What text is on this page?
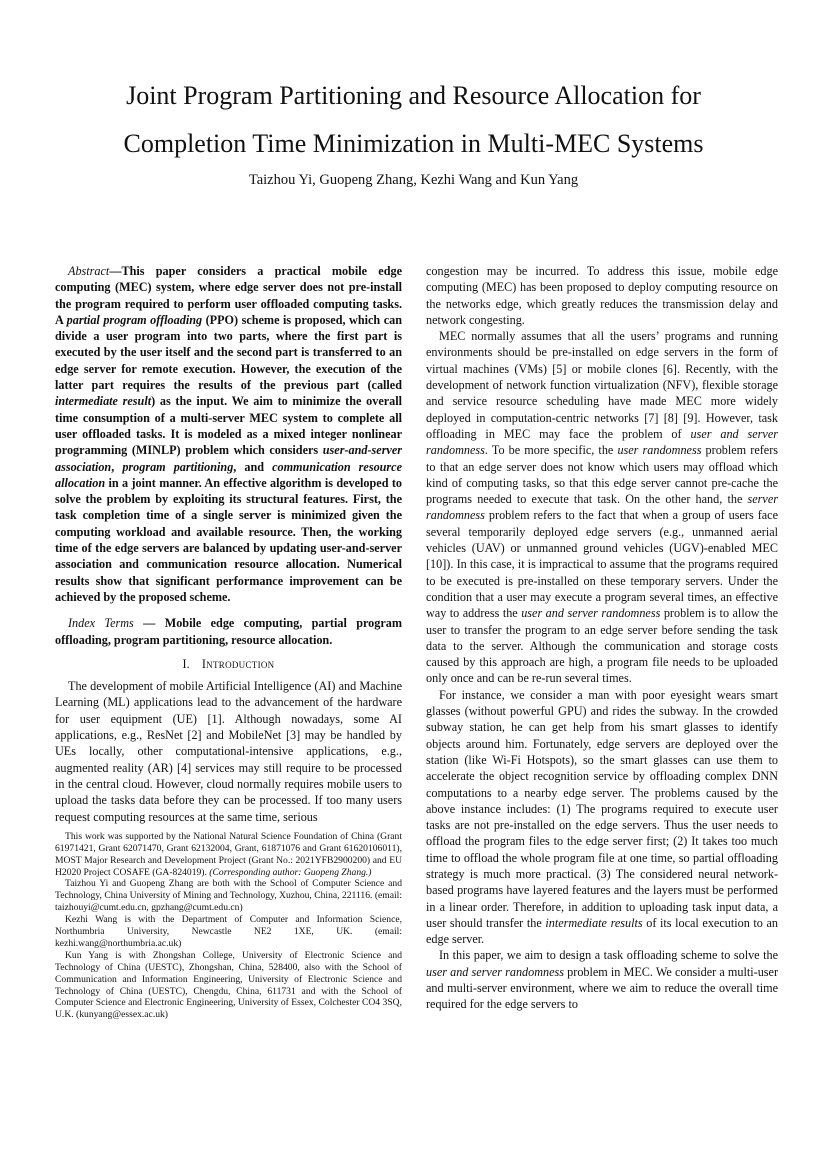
Joint Program Partitioning and Resource Allocation for
Completion Time Minimization in Multi-MEC Systems
Taizhou Yi, Guopeng Zhang, Kezhi Wang and Kun Yang

Abstract—This paper considers a practical mobile edge computing (MEC) system, where edge server does not pre-install the program required to perform user offloaded computing tasks. A partial program offloading (PPO) scheme is proposed, which can divide a user program into two parts, where the first part is executed by the user itself and the second part is transferred to an edge server for remote execution. However, the execution of the latter part requires the results of the previous part (called intermediate result) as the input. We aim to minimize the overall time consumption of a multi-server MEC system to complete all user offloaded tasks. It is modeled as a mixed integer nonlinear programming (MINLP) problem which considers user-and-server association, program partitioning, and communication resource allocation in a joint manner. An effective algorithm is developed to solve the problem by exploiting its structural features. First, the task completion time of a single server is minimized given the computing workload and available resource. Then, the working time of the edge servers are balanced by updating user-and-server association and communication resource allocation. Numerical results show that significant performance improvement can be achieved by the proposed scheme.

Index Terms — Mobile edge computing, partial program offloading, program partitioning, resource allocation.

I. Introduction

The development of mobile Artificial Intelligence (AI) and Machine Learning (ML) applications lead to the advancement of the hardware for user equipment (UE) [1]. Although nowadays, some AI applications, e.g., ResNet [2] and MobileNet [3] may be handled by UEs locally, other computational-intensive applications, e.g., augmented reality (AR) [4] services may still require to be processed in the central cloud. However, cloud normally requires mobile users to upload the tasks data before they can be processed. If too many users request computing resources at the same time, serious

This work was supported by the National Natural Science Foundation of China (Grant 61971421, Grant 62071470, Grant 62132004, Grant, 61871076 and Grant 61620106011), MOST Major Research and Development Project (Grant No.: 2021YFB2900200) and EU H2020 Project COSAFE (GA-824019). (Corresponding author: Guopeng Zhang.)

Taizhou Yi and Guopeng Zhang are both with the School of Computer Science and Technology, China University of Mining and Technology, Xuzhou, China, 221116. (email: taizhouyi@cumt.edu.cn, gpzhang@cumt.edu.cn)

Kezhi Wang is with the Department of Computer and Information Science, Northumbria University, Newcastle NE2 1XE, UK. (email: kezhi.wang@northumbria.ac.uk)

Kun Yang is with Zhongshan College, University of Electronic Science and Technology of China (UESTC), Zhongshan, China, 528400, also with the School of Communication and Information Engineering, University of Electronic Science and Technology of China (UESTC), Chengdu, China, 611731 and with the School of Computer Science and Electronic Engineering, University of Essex, Colchester CO4 3SQ, U.K. (kunyang@essex.ac.uk)

congestion may be incurred. To address this issue, mobile edge computing (MEC) has been proposed to deploy computing resource on the networks edge, which greatly reduces the transmission delay and network congesting.

MEC normally assumes that all the users’ programs and running environments should be pre-installed on edge servers in the form of virtual machines (VMs) [5] or mobile clones [6]. Recently, with the development of network function virtualization (NFV), flexible storage and service resource scheduling have made MEC more widely deployed in computation-centric networks [7] [8] [9]. However, task offloading in MEC may face the problem of user and server randomness. To be more specific, the user randomness problem refers to that an edge server does not know which users may offload which kind of computing tasks, so that this edge server cannot pre-cache the programs needed to execute that task. On the other hand, the server randomness problem refers to the fact that when a group of users face several temporarily deployed edge servers (e.g., unmanned aerial vehicles (UAV) or unmanned ground vehicles (UGV)-enabled MEC [10]). In this case, it is impractical to assume that the programs required to be executed is pre-installed on these temporary servers. Under the condition that a user may execute a program several times, an effective way to address the user and server randomness problem is to allow the user to transfer the program to an edge server before sending the task data to the server. Although the communication and storage costs caused by this approach are high, a program file needs to be uploaded only once and can be re-run several times.

For instance, we consider a man with poor eyesight wears smart glasses (without powerful GPU) and rides the subway. In the crowded subway station, he can get help from his smart glasses to identify objects around him. Fortunately, edge servers are deployed over the station (like Wi-Fi Hotspots), so the smart glasses can use them to accelerate the object recognition service by offloading complex DNN computations to a nearby edge server. The problems caused by the above instance includes: (1) The programs required to execute user tasks are not pre-installed on the edge servers. Thus the user needs to offload the program files to the edge server first; (2) It takes too much time to offload the whole program file at one time, so partial offloading strategy is much more practical. (3) The considered neural network-based programs have layered features and the layers must be performed in a linear order. Therefore, in addition to uploading task input data, a user should transfer the intermediate results of its local execution to an edge server.

In this paper, we aim to design a task offloading scheme to solve the user and server randomness problem in MEC. We consider a multi-user and multi-server environment, where we aim to reduce the overall time required for the edge servers to
